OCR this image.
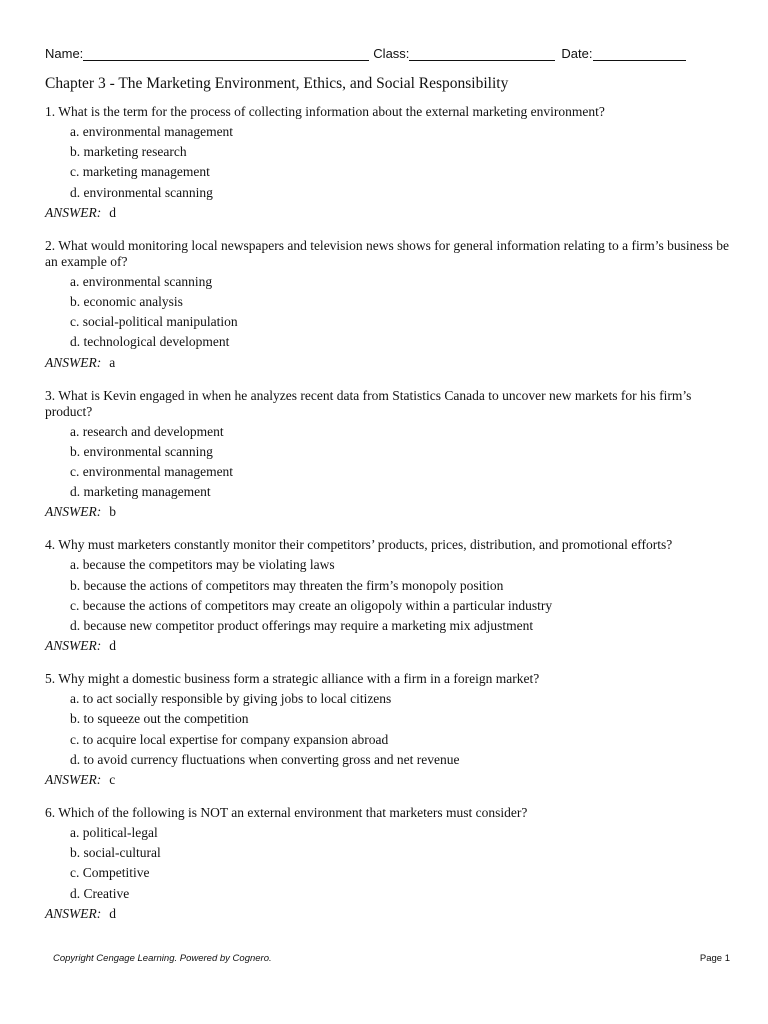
Name:	Class:	Date:
Chapter 3 - The Marketing Environment, Ethics, and Social Responsibility
1. What is the term for the process of collecting information about the external marketing environment?
a. environmental management
b. marketing research
c. marketing management
d. environmental scanning
ANSWER: d
2. What would monitoring local newspapers and television news shows for general information relating to a firm’s business be an example of?
a. environmental scanning
b. economic analysis
c. social-political manipulation
d. technological development
ANSWER: a
3. What is Kevin engaged in when he analyzes recent data from Statistics Canada to uncover new markets for his firm’s product?
a. research and development
b. environmental scanning
c. environmental management
d. marketing management
ANSWER: b
4. Why must marketers constantly monitor their competitors’ products, prices, distribution, and promotional efforts?
a. because the competitors may be violating laws
b. because the actions of competitors may threaten the firm’s monopoly position
c. because the actions of competitors may create an oligopoly within a particular industry
d. because new competitor product offerings may require a marketing mix adjustment
ANSWER: d
5. Why might a domestic business form a strategic alliance with a firm in a foreign market?
a. to act socially responsible by giving jobs to local citizens
b. to squeeze out the competition
c. to acquire local expertise for company expansion abroad
d. to avoid currency fluctuations when converting gross and net revenue
ANSWER: c
6. Which of the following is NOT an external environment that marketers must consider?
a. political-legal
b. social-cultural
c. Competitive
d. Creative
ANSWER: d
Copyright Cengage Learning. Powered by Cognero.	Page 1
